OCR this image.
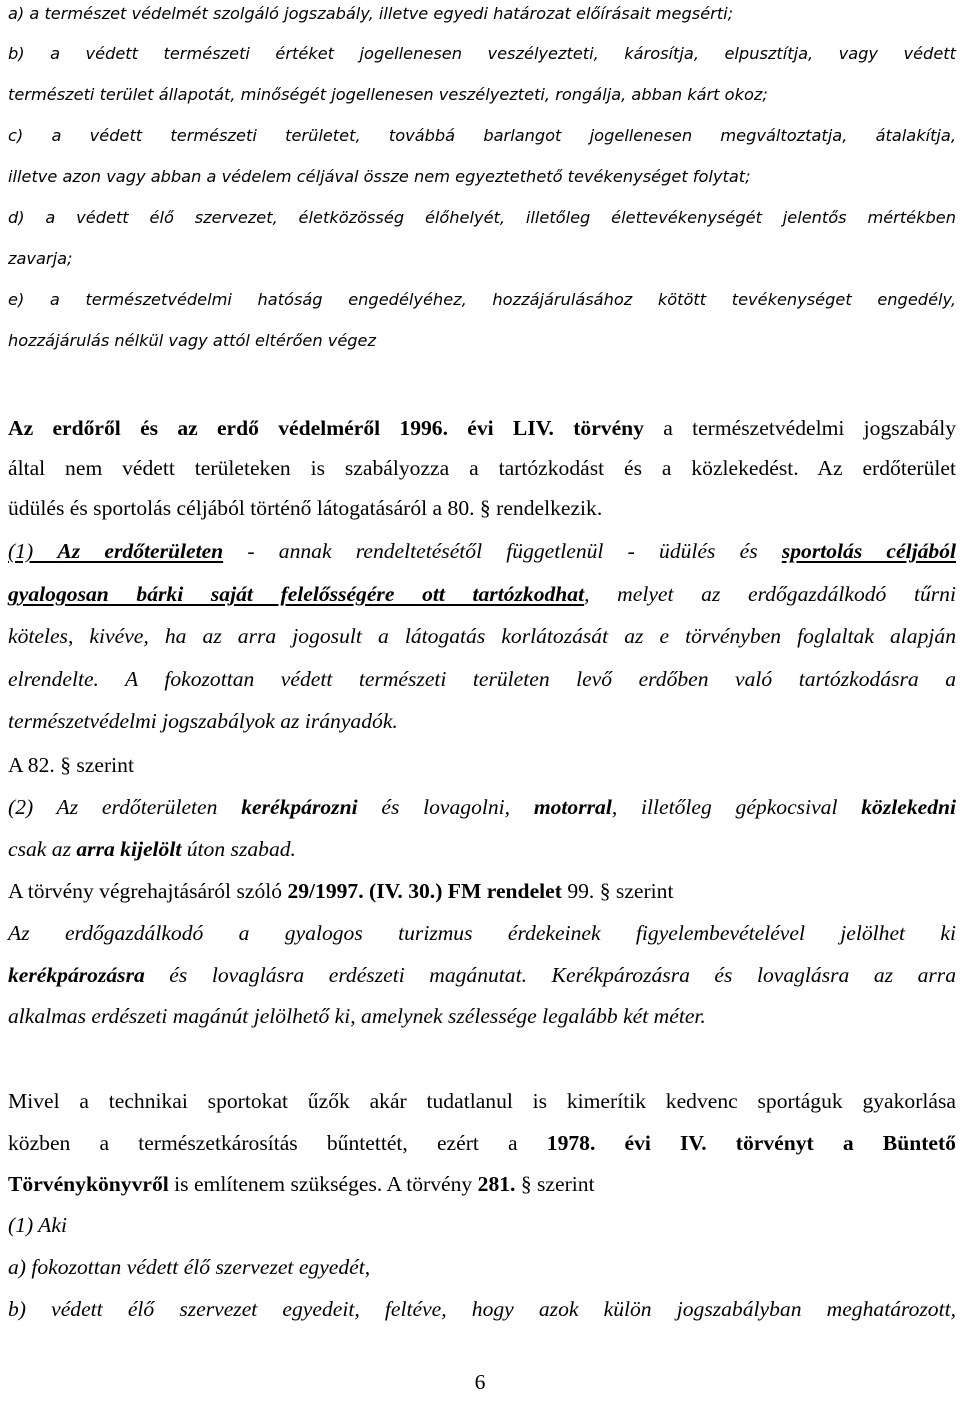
a) a természet védelmét szolgáló jogszabály, illetve egyedi határozat előírásait megsérti;

b) a védett természeti értéket jogellenesen veszélyezteti, károsítja, elpusztítja, vagy védett

természeti terület állapotát, minőségét jogellenesen veszélyezteti, rongálja, abban kárt okoz;

c) a védett természeti területet, továbbá barlangot jogellenesen megváltoztatja, átalakítja,

illetve azon vagy abban a védelem céljával össze nem egyeztethető tevékenységet folytat;

d) a védett élő szervezet, életközösség élőhelyét, illetőleg élettevékenységét jelentős mértékben

zavarja;

e) a természetvédelmi hatóság engedélyéhez, hozzájárulásához kötött tevékenységet engedély,

hozzájárulás nélkül vagy attól eltérően végez

Az erdőről és az erdő védelméről 1996. évi LIV. törvény a természetvédelmi jogszabály

által nem védett területeken is szabályozza a tartózkodást és a közlekedést. Az erdőterület

üdülés és sportolás céljából történő látogatásáról a 80. § rendelkezik.

(1) Az erdőterületen - annak rendeltetésétől függetlenül - üdülés és sportolás céljából

gyalogosan bárki saját felelősségére ott tartózkodhat, melyet az erdőgazdálkodó tűrni

köteles, kivéve, ha az arra jogosult a látogatás korlátozását az e törvényben foglaltak alapján

elrendelte. A fokozottan védett természeti területen levő erdőben való tartózkodásra a

természetvédelmi jogszabályok az irányadók.

A 82. § szerint

(2) Az erdőterületen kerékpározni és lovagolni, motorral, illetőleg gépkocsival közlekedni

csak az arra kijelölt úton szabad.

A törvény végrehajtásáról szóló 29/1997. (IV. 30.) FM rendelet 99. § szerint

Az erdőgazdálkodó a gyalogos turizmus érdekeinek figyelembevételével jelölhet ki

kerékpározásra és lovaglásra erdészeti magánutat. Kerékpározásra és lovaglásra az arra

alkalmas erdészeti magánút jelölhető ki, amelynek szélessége legalább két méter.

Mivel a technikai sportokat űzők akár tudatlanul is kimerítik kedvenc sportáguk gyakorlása

közben a természetkárosítás bűntettét, ezért a 1978. évi IV. törvényt a Büntető

Törvénykönyvről is említenem szükséges. A törvény 281. § szerint

(1) Aki

a) fokozottan védett élő szervezet egyedét,

b) védett élő szervezet egyedeit, feltéve, hogy azok külön jogszabályban meghatározott,

6
